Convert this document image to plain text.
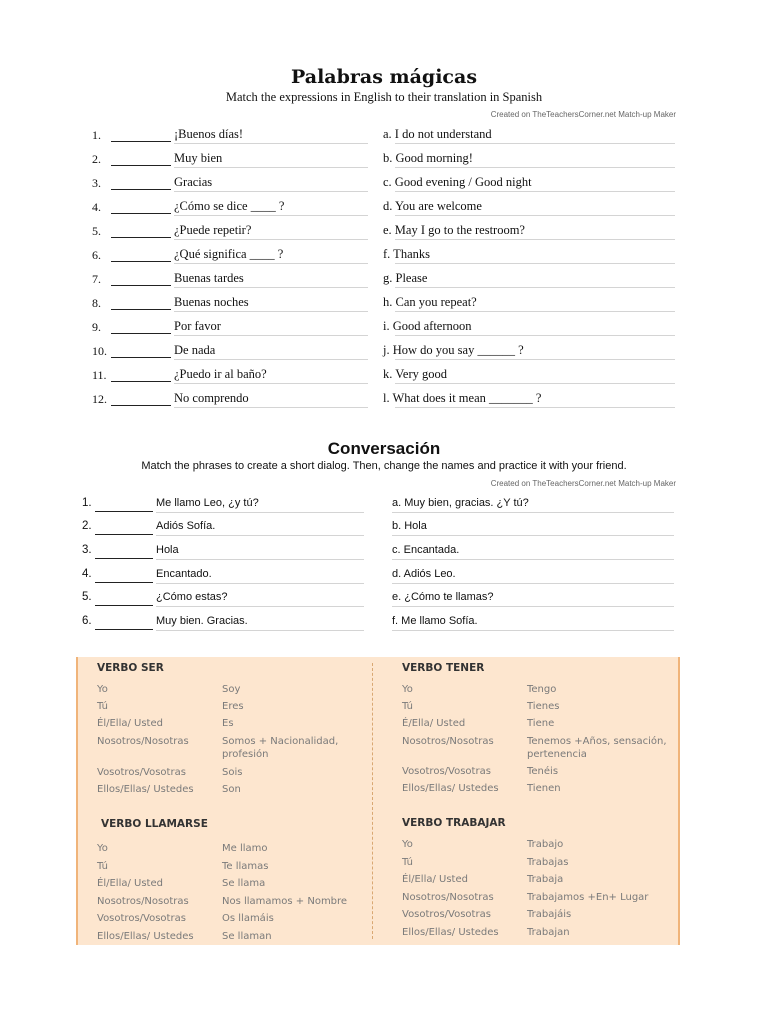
Palabras mágicas
Match the expressions in English to their translation in Spanish
Created on TheTeachersCorner.net Match-up Maker
1.	¡Buenos días!	a. I do not understand
2.	Muy bien	b. Good morning!
3.	Gracias	c. Good evening / Good night
4.	¿Cómo se dice ____ ?	d. You are welcome
5.	¿Puede repetir?	e. May I go to the restroom?
6.	¿Qué significa ____ ?	f. Thanks
7.	Buenas tardes	g. Please
8.	Buenas noches	h. Can you repeat?
9.	Por favor	i. Good afternoon
10.	De nada	j. How do you say ______ ?
11.	¿Puedo ir al baño?	k. Very good
12.	No comprendo	l. What does it mean _______ ?
Conversación
Match the phrases to create a short dialog. Then, change the names and practice it with your friend.
Created on TheTeachersCorner.net Match-up Maker
1.	Me llamo Leo, ¿y tú?	a. Muy bien, gracias. ¿Y tú?
2.	Adiós Sofía.	b. Hola
3.	Hola	c. Encantada.
4.	Encantado.	d. Adiós Leo.
5.	¿Cómo estas?	e. ¿Cómo te llamas?
6.	Muy bien. Gracias.	f. Me llamo Sofía.
VERBO SER
Yo	Soy
Tú	Eres
Él/Ella/ Usted	Es
Nosotros/Nosotras	Somos + Nacionalidad, profesión
Vosotros/Vosotras	Sois
Ellos/Ellas/ Ustedes	Son
VERBO TENER
Yo	Tengo
Tú	Tienes
É/Ella/ Usted	Tiene
Nosotros/Nosotras	Tenemos +Años, sensación, pertenencia
Vosotros/Vosotras	Tenéis
Ellos/Ellas/ Ustedes	Tienen
VERBO LLAMARSE
Yo	Me llamo
Tú	Te llamas
Él/Ella/ Usted	Se llama
Nosotros/Nosotras	Nos llamamos + Nombre
Vosotros/Vosotras	Os llamáis
Ellos/Ellas/ Ustedes	Se llaman
VERBO TRABAJAR
Yo	Trabajo
Tú	Trabajas
Él/Ella/ Usted	Trabaja
Nosotros/Nosotras	Trabajamos +En+ Lugar
Vosotros/Vosotras	Trabajáis
Ellos/Ellas/ Ustedes	Trabajan
